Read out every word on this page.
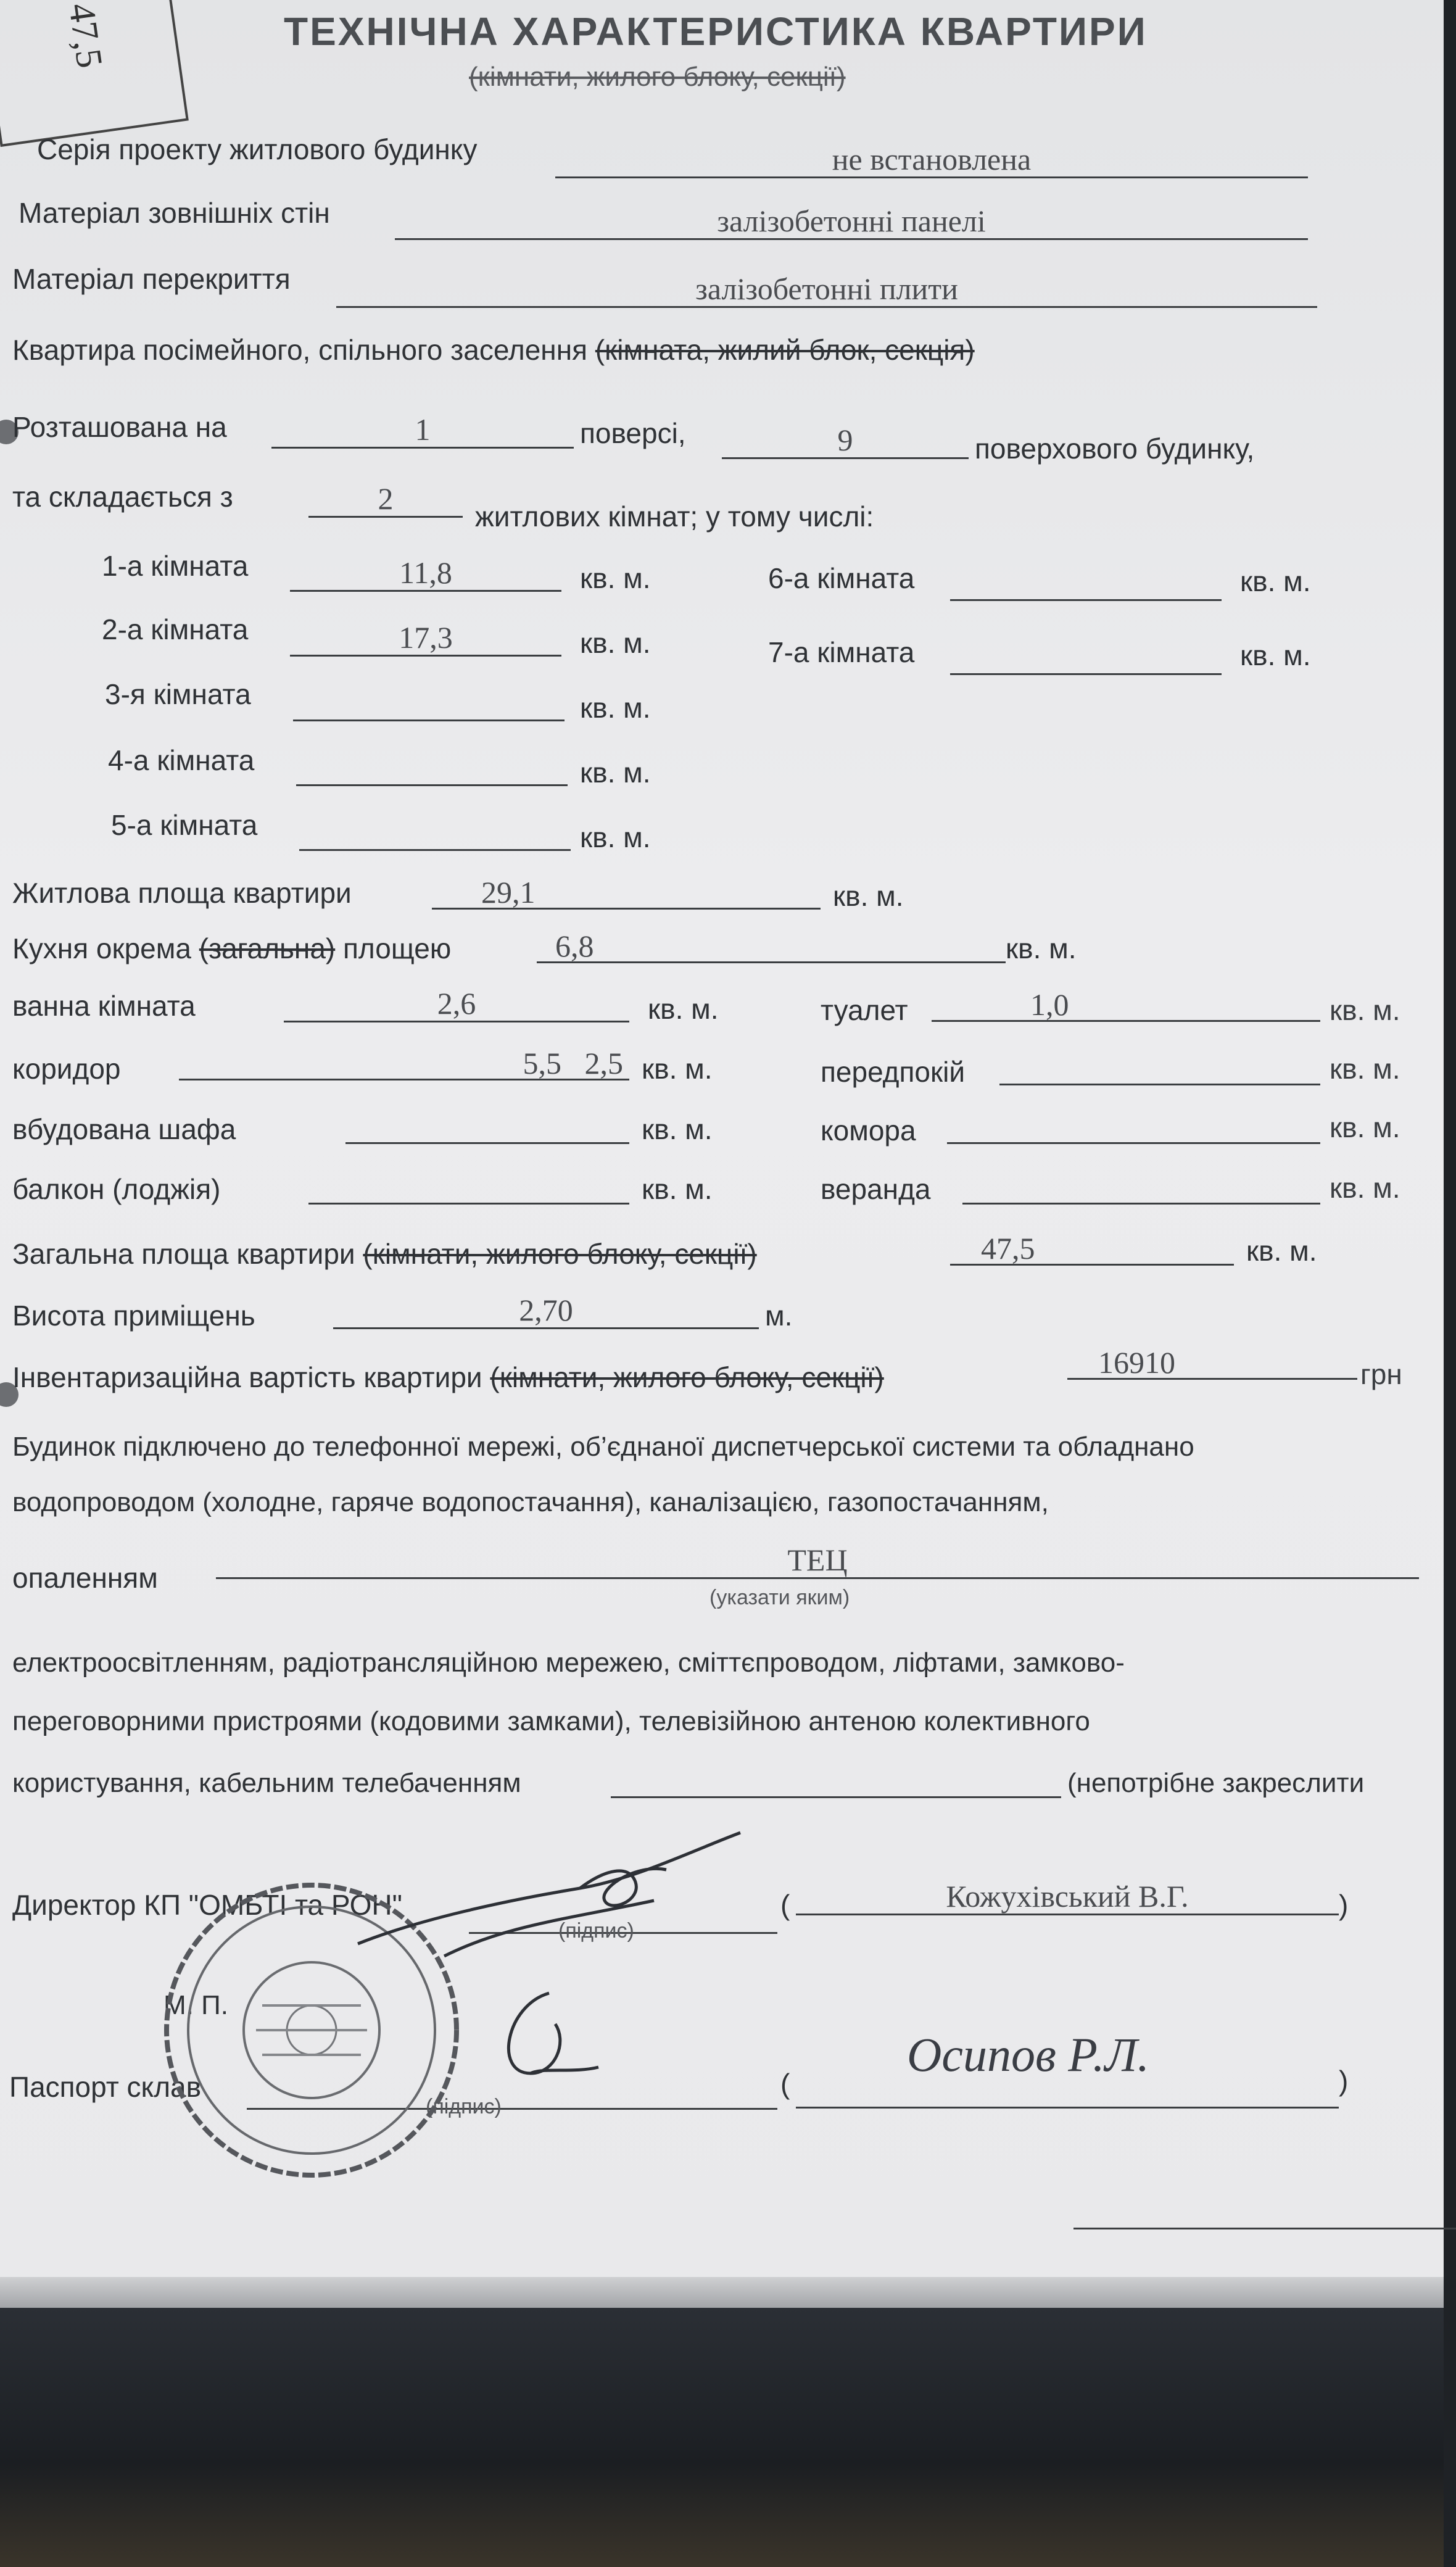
47,5	ТЕХНІЧНА ХАРАКТЕРИСТИКА КВАРТИРИ
(кімнати, жилого блоку, секції)
Серія проекту житлового будинку	не встановлена
Матеріал зовнішніх стін	залізобетонні панелі
Матеріал перекриття	залізобетонні плити
Квартира посімейного, спільного заселення (кімната, жилий блок, секція)
Розташована на	1	поверсі,	9	поверхового будинку,
та складається з	2
житлових кімнат; у тому числі:
1-а кімната	11,8	кв. м.
2-а кімната	17,3	кв. м.
3-я кімната	кв. м.
4-а кімната	кв. м.
5-а кімната	кв. м.
6-а кімната	кв. м.
7-а кімната	кв. м.
Житлова площа квартири	29,1	кв. м.
Кухня окрема (загальна) площею	6,8	кв. м.
ванна кімната	2,6	кв. м.	туалет	1,0	кв. м.
коридор	5,5   2,5 кв. м.	передпокій	кв. м.
вбудована шафа	кв. м.	комора	кв. м.
балкон (лоджія)	кв. м.	веранда	кв. м.
Загальна площа квартири (кімнати, жилого блоку, секції)	47,5	кв. м.
Висота приміщень	2,70	м.
Інвентаризаційна вартість квартири (кімнати, жилого блоку, секції)	16910	грн
Будинок підключено до телефонної мережі, об’єднаної диспетчерської системи та обладнано
водопроводом (холодне, гаряче водопостачання), каналізацією, газопостачанням,
опаленням
ТЕЦ
(указати яким)
електроосвітленням, радіотрансляційною мережею, сміттєпроводом, ліфтами, замково-
переговорними пристроями (кодовими замками), телевізійною антеною колективного
користування, кабельним телебаченням	(непотрібне закреслити
Директор КП "ОМБТІ та РОН"	(	Кожухівський В.Г.	)
(підпис)
М. П.
Паспорт склав	(
Осипов Р.Л.	)
(підпис)
